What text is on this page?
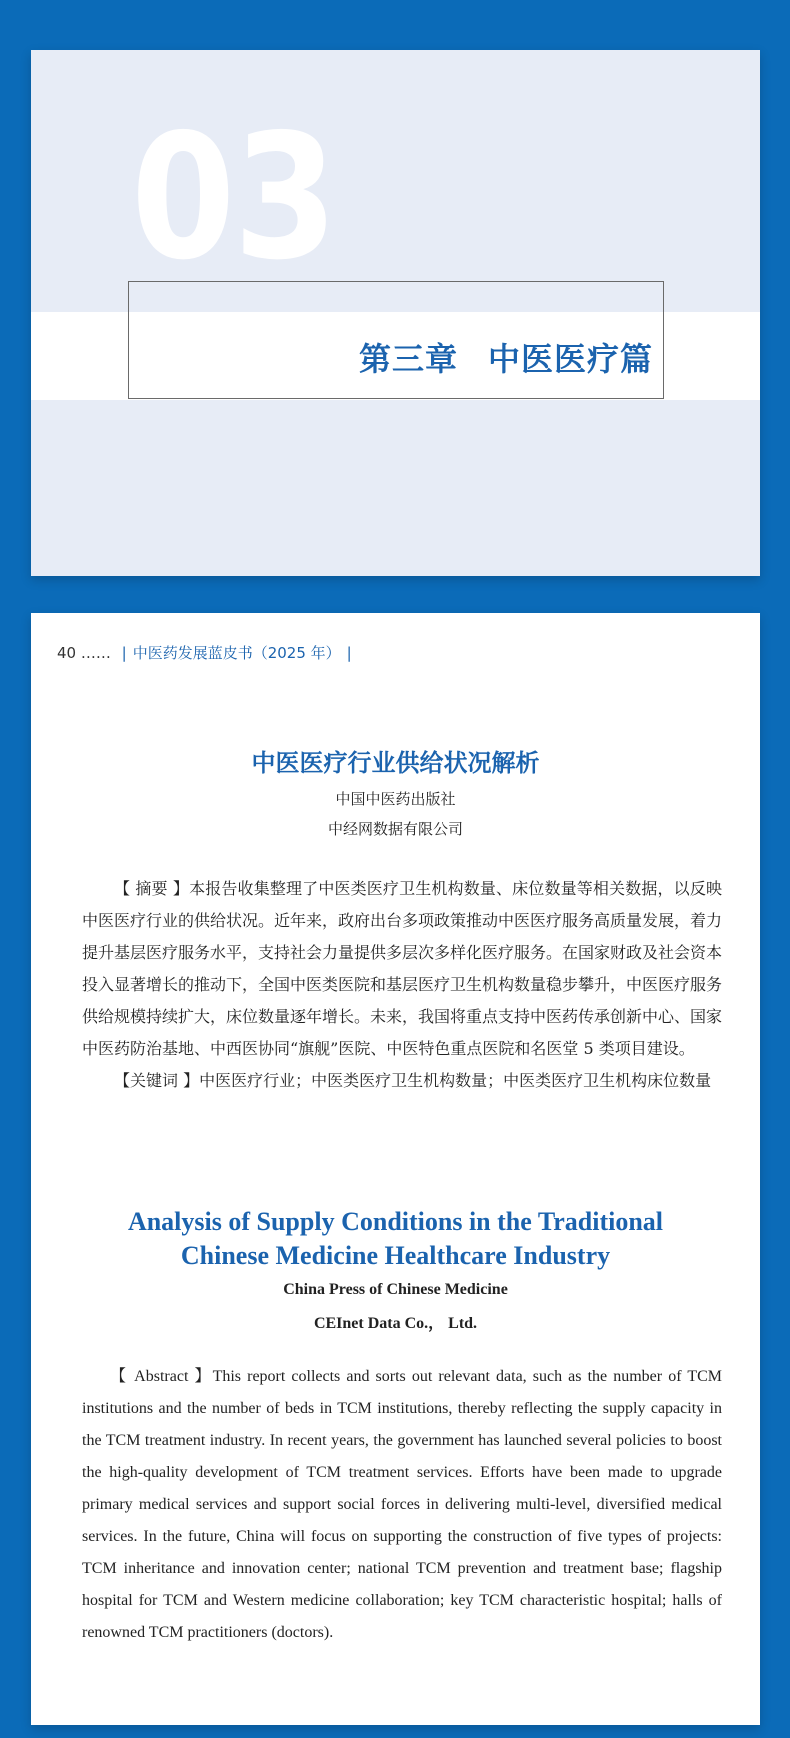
03
第三章 中医医疗篇
40 …… | 中医药发展蓝皮书（2025 年） |
中医医疗行业供给状况解析
中国中医药出版社
中经网数据有限公司

【 摘要 】本报告收集整理了中医类医疗卫生机构数量、床位数量等相关数据，以反映中医医疗行业的供给状况。近年来，政府出台多项政策推动中医医疗服务高质量发展，着力提升基层医疗服务水平，支持社会力量提供多层次多样化医疗服务。在国家财政及社会资本投入显著增长的推动下，全国中医类医院和基层医疗卫生机构数量稳步攀升，中医医疗服务供给规模持续扩大，床位数量逐年增长。未来，我国将重点支持中医药传承创新中心、国家中医药防治基地、中西医协同“旗舰”医院、中医特色重点医院和名医堂 5 类项目建设。

【关键词 】中医医疗行业；中医类医疗卫生机构数量；中医类医疗卫生机构床位数量

Analysis of Supply Conditions in the Traditional
Chinese Medicine Healthcare Industry
China Press of Chinese Medicine
CEInet Data Co.， Ltd.

【 Abstract 】This report collects and sorts out relevant data, such as the number of TCM institutions and the number of beds in TCM institutions, thereby reflecting the supply capacity in the TCM treatment industry. In recent years, the government has launched several policies to boost the high-quality development of TCM treatment services. Efforts have been made to upgrade primary medical services and support social forces in delivering multi-level, diversified medical services. In the future, China will focus on supporting the construction of five types of projects: TCM inheritance and innovation center; national TCM prevention and treatment base; flagship hospital for TCM and Western medicine collaboration; key TCM characteristic hospital; halls of renowned TCM practitioners (doctors).
